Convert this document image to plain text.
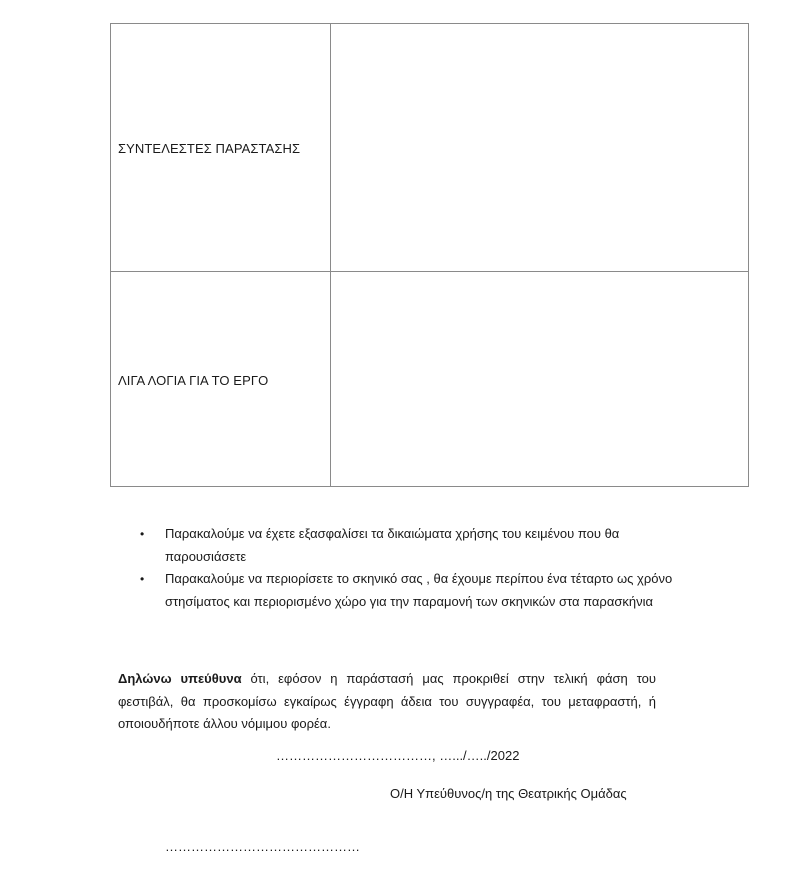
ΣΥΝΤΕΛΕΣΤΕΣ ΠΑΡΑΣΤΑΣΗΣ	
ΛΙΓΑ ΛΟΓΙΑ ΓΙΑ ΤΟ ΕΡΓΟ	
• Παρακαλούμε να έχετε εξασφαλίσει τα δικαιώματα χρήσης του κειμένου που θα παρουσιάσετε
• Παρακαλούμε να περιορίσετε το σκηνικό σας , θα έχουμε περίπου ένα τέταρτο ως χρόνο στησίματος και περιορισμένο χώρο για την παραμονή των σκηνικών στα παρασκήνια

Δηλώνω υπεύθυνα ότι, εφόσον η παράστασή μας προκριθεί στην τελική φάση του φεστιβάλ, θα προσκομίσω εγκαίρως έγγραφη άδεια του συγγραφέα, του μεταφραστή, ή οποιουδήποτε άλλου νόμιμου φορέα.

………………………………, ….../…../2022
Ο/Η Υπεύθυνος/η της Θεατρικής Ομάδας
………………………………………
